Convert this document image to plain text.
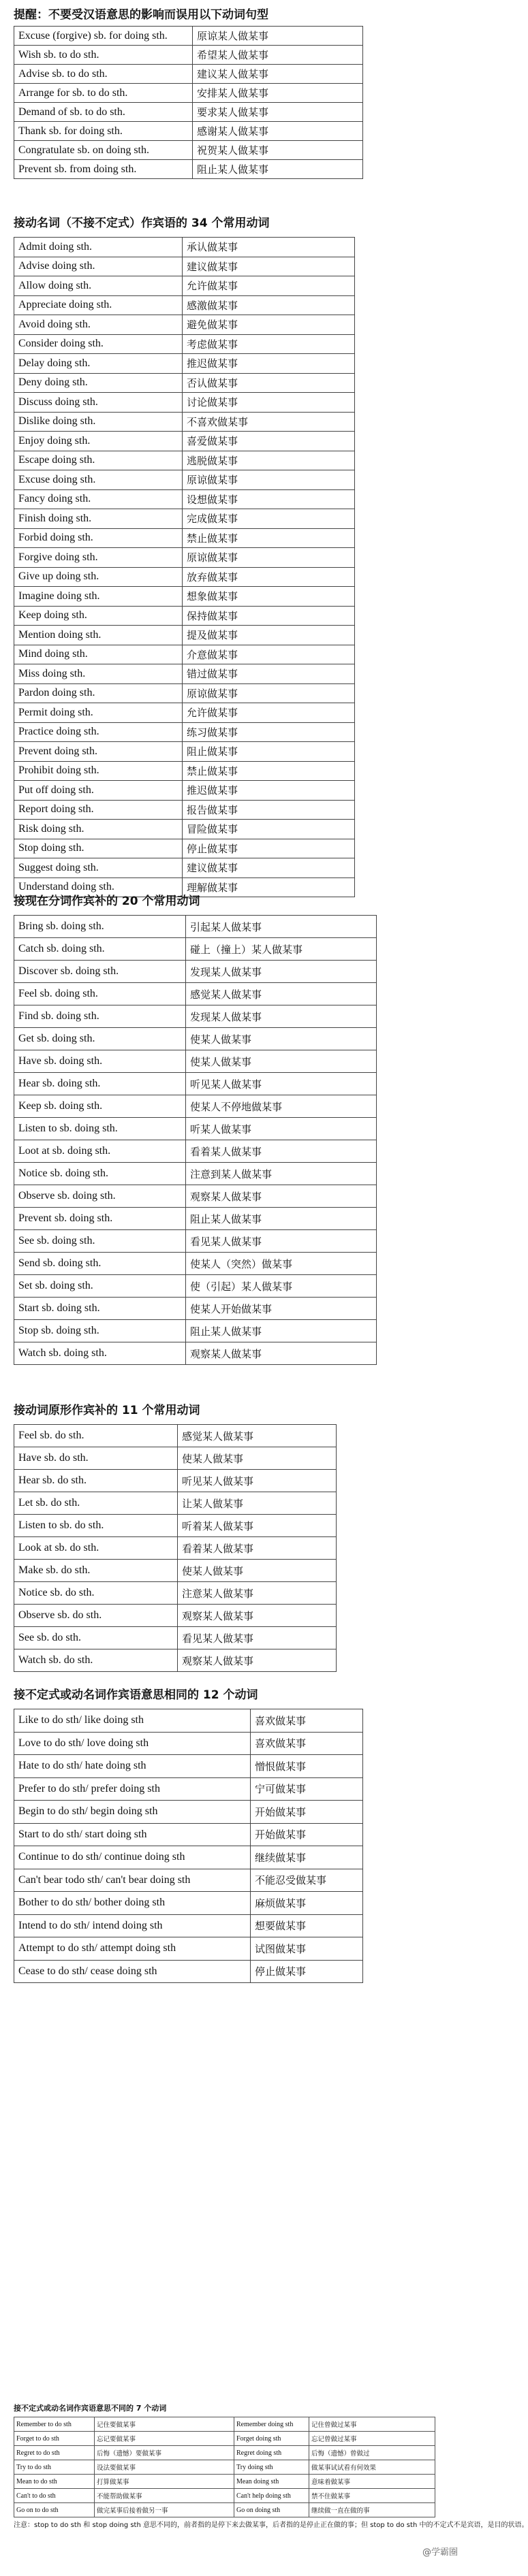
提醒：不要受汉语意思的影响而误用以下动词句型
Excuse (forgive) sb. for doing sth.	原谅某人做某事
Wish sb. to do sth.	希望某人做某事
Advise sb. to do sth.	建议某人做某事
Arrange for sb. to do sth.	安排某人做某事
Demand of sb. to do sth.	要求某人做某事
Thank sb. for doing sth.	感谢某人做某事
Congratulate sb. on doing sth.	祝贺某人做某事
Prevent sb. from doing sth.	阻止某人做某事
接动名词（不接不定式）作宾语的 34 个常用动词
Admit doing sth.	承认做某事
Advise doing sth.	建议做某事
Allow doing sth.	允许做某事
Appreciate doing sth.	感激做某事
Avoid doing sth.	避免做某事
Consider doing sth.	考虑做某事
Delay doing sth.	推迟做某事
Deny doing sth.	否认做某事
Discuss doing sth.	讨论做某事
Dislike doing sth.	不喜欢做某事
Enjoy doing sth.	喜爱做某事
Escape doing sth.	逃脱做某事
Excuse doing sth.	原谅做某事
Fancy doing sth.	设想做某事
Finish doing sth.	完成做某事
Forbid doing sth.	禁止做某事
Forgive doing sth.	原谅做某事
Give up doing sth.	放弃做某事
Imagine doing sth.	想象做某事
Keep doing sth.	保持做某事
Mention doing sth.	提及做某事
Mind doing sth.	介意做某事
Miss doing sth.	错过做某事
Pardon doing sth.	原谅做某事
Permit doing sth.	允许做某事
Practice doing sth.	练习做某事
Prevent doing sth.	阻止做某事
Prohibit doing sth.	禁止做某事
Put off doing sth.	推迟做某事
Report doing sth.	报告做某事
Risk doing sth.	冒险做某事
Stop doing sth.	停止做某事
Suggest doing sth.	建议做某事
Understand doing sth.	理解做某事
接现在分词作宾补的 20 个常用动词
Bring sb. doing sth.	引起某人做某事
Catch sb. doing sth.	碰上（撞上）某人做某事
Discover sb. doing sth.	发现某人做某事
Feel sb. doing sth.	感觉某人做某事
Find sb. doing sth.	发现某人做某事
Get sb. doing sth.	使某人做某事
Have sb. doing sth.	使某人做某事
Hear sb. doing sth.	听见某人做某事
Keep sb. doing sth.	使某人不停地做某事
Listen to sb. doing sth.	听某人做某事
Loot at sb. doing sth.	看着某人做某事
Notice sb. doing sth.	注意到某人做某事
Observe sb. doing sth.	观察某人做某事
Prevent sb. doing sth.	阻止某人做某事
See sb. doing sth.	看见某人做某事
Send sb. doing sth.	使某人（突然）做某事
Set sb. doing sth.	使（引起）某人做某事
Start sb. doing sth.	使某人开始做某事
Stop sb. doing sth.	阻止某人做某事
Watch sb. doing sth.	观察某人做某事
接动词原形作宾补的 11 个常用动词
Feel sb. do sth.	感觉某人做某事
Have sb. do sth.	使某人做某事
Hear sb. do sth.	听见某人做某事
Let sb. do sth.	让某人做某事
Listen to sb. do sth.	听着某人做某事
Look at sb. do sth.	看着某人做某事
Make sb. do sth.	使某人做某事
Notice sb. do sth.	注意某人做某事
Observe sb. do sth.	观察某人做某事
See sb. do sth.	看见某人做某事
Watch sb. do sth.	观察某人做某事
接不定式或动名词作宾语意思相同的 12 个动词
Like to do sth/ like doing sth	喜欢做某事
Love to do sth/ love doing sth	喜欢做某事
Hate to do sth/ hate doing sth	憎恨做某事
Prefer to do sth/ prefer doing sth	宁可做某事
Begin to do sth/ begin doing sth	开始做某事
Start to do sth/ start doing sth	开始做某事
Continue to do sth/ continue doing sth	继续做某事
Can't bear todo sth/ can't bear doing sth	不能忍受做某事
Bother to do sth/ bother doing sth	麻烦做某事
Intend to do sth/ intend doing sth	想要做某事
Attempt to do sth/ attempt doing sth	试图做某事
Cease to do sth/ cease doing sth	停止做某事
接不定式或动名词作宾语意思不同的 7 个动词
Remember to do sth	记住要做某事	Remember doing sth	记住曾做过某事
Forget to do sth	忘记要做某事	Forget doing sth	忘记曾做过某事
Regret to do sth	后悔（遗憾）要做某事	Regret doing sth	后悔（遗憾）曾做过
Try to do sth	设法要做某事	Try doing sth	做某事试试看有何效果
Mean to do sth	打算做某事	Mean doing sth	意味着做某事
Can't to do sth	不能帮助做某事	Can't help doing sth	禁不住做某事
Go on to do sth	做完某事后接着做另一事	Go on doing sth	继续做一直在做的事
注意：stop to do sth 和 stop doing sth 意思不同的，前者指的是停下来去做某事，后者指的是停止正在做的事；但 stop to do sth 中的不定式不是宾语，是目的状语。
@学霸圈
